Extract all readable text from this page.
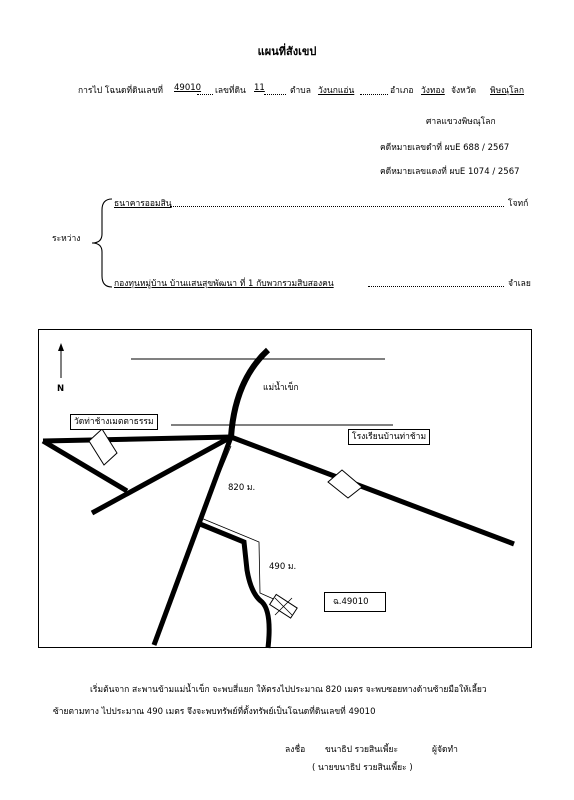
แผนที่สังเขป
การไป โฉนดที่ดินเลขที่ 49010 เลขที่ดิน 11	ตำบล วังนกแอ่น	อำเภอ วังทอง จังหวัด พิษณุโลก
ศาลแขวงพิษณุโลก
คดีหมายเลขดำที่ ผบE 688 / 2567
คดีหมายเลขแดงที่ ผบE 1074 / 2567
ระหว่าง
ธนาคารออมสิน	โจทก์
กองทุนหมู่บ้าน บ้านแสนสุขพัฒนา ที่ 1 กับพวกรวมสิบสองคน	จำเลย
N	แม่น้ำเข็ก
วัดท่าช้างเมตตาธรรม
โรงเรียนบ้านท่าช้าม
820 ม.
490 ม.
ฉ.49010
เริ่มต้นจาก สะพานข้ามแม่น้ำเข็ก จะพบสี่แยก ให้ตรงไปประมาณ 820 เมตร จะพบซอยทางด้านซ้ายมือให้เลี้ยว
ซ้ายตามทาง ไปประมาณ 490 เมตร จึงจะพบทรัพย์ที่ตั้งทรัพย์เป็นโฉนดที่ดินเลขที่ 49010
ลงชื่อ ขนาธิป รวยสินเพี้ยะ	ผู้จัดทำ
( นายขนาธิป รวยสินเพี้ยะ )
